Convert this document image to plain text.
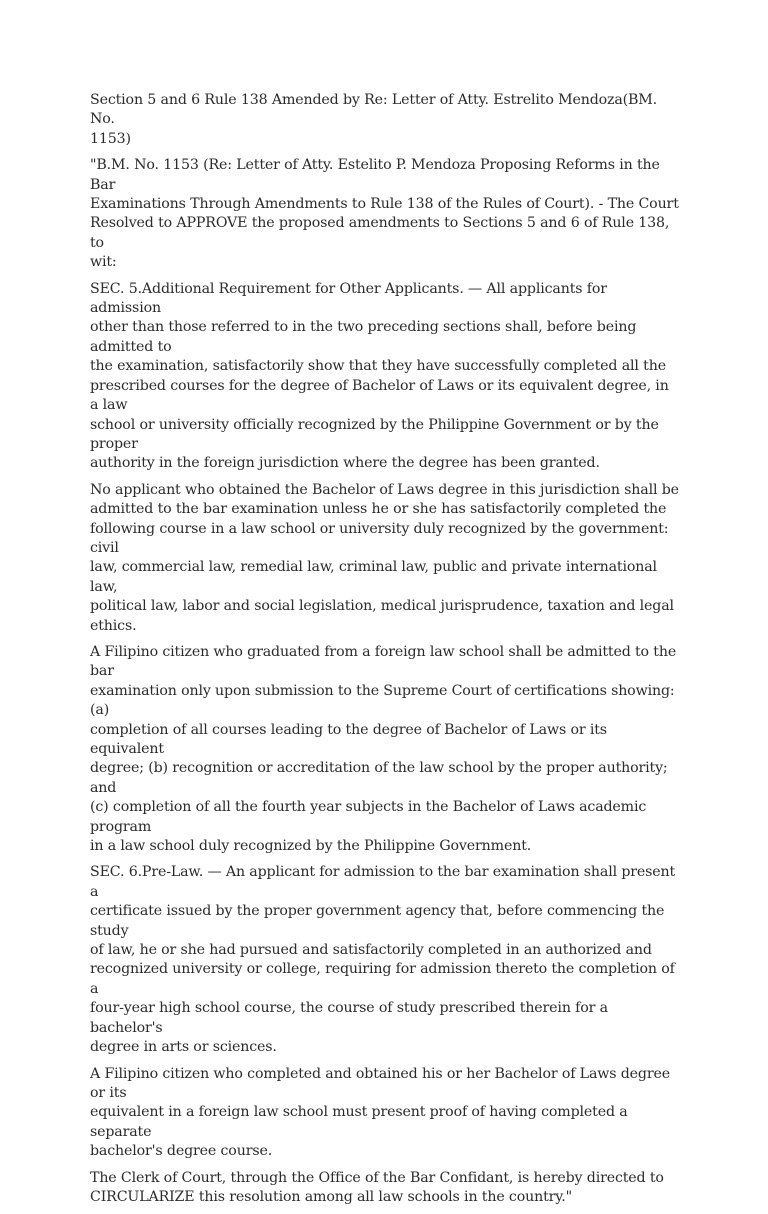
Section 5 and 6 Rule 138 Amended by Re: Letter of Atty. Estrelito Mendoza(BM. No.
1153)

"B.M. No. 1153 (Re: Letter of Atty. Estelito P. Mendoza Proposing Reforms in the Bar
Examinations Through Amendments to Rule 138 of the Rules of Court). - The Court
Resolved to APPROVE the proposed amendments to Sections 5 and 6 of Rule 138, to
wit:

SEC. 5.Additional Requirement for Other Applicants. — All applicants for admission
other than those referred to in the two preceding sections shall, before being admitted to
the examination, satisfactorily show that they have successfully completed all the
prescribed courses for the degree of Bachelor of Laws or its equivalent degree, in a law
school or university officially recognized by the Philippine Government or by the proper
authority in the foreign jurisdiction where the degree has been granted.

No applicant who obtained the Bachelor of Laws degree in this jurisdiction shall be
admitted to the bar examination unless he or she has satisfactorily completed the
following course in a law school or university duly recognized by the government: civil
law, commercial law, remedial law, criminal law, public and private international law,
political law, labor and social legislation, medical jurisprudence, taxation and legal
ethics.

A Filipino citizen who graduated from a foreign law school shall be admitted to the bar
examination only upon submission to the Supreme Court of certifications showing: (a)
completion of all courses leading to the degree of Bachelor of Laws or its equivalent
degree; (b) recognition or accreditation of the law school by the proper authority; and
(c) completion of all the fourth year subjects in the Bachelor of Laws academic program
in a law school duly recognized by the Philippine Government.

SEC. 6.Pre-Law. — An applicant for admission to the bar examination shall present a
certificate issued by the proper government agency that, before commencing the study
of law, he or she had pursued and satisfactorily completed in an authorized and
recognized university or college, requiring for admission thereto the completion of a
four-year high school course, the course of study prescribed therein for a bachelor's
degree in arts or sciences.

A Filipino citizen who completed and obtained his or her Bachelor of Laws degree or its
equivalent in a foreign law school must present proof of having completed a separate
bachelor's degree course.

The Clerk of Court, through the Office of the Bar Confidant, is hereby directed to
CIRCULARIZE this resolution among all law schools in the country."
